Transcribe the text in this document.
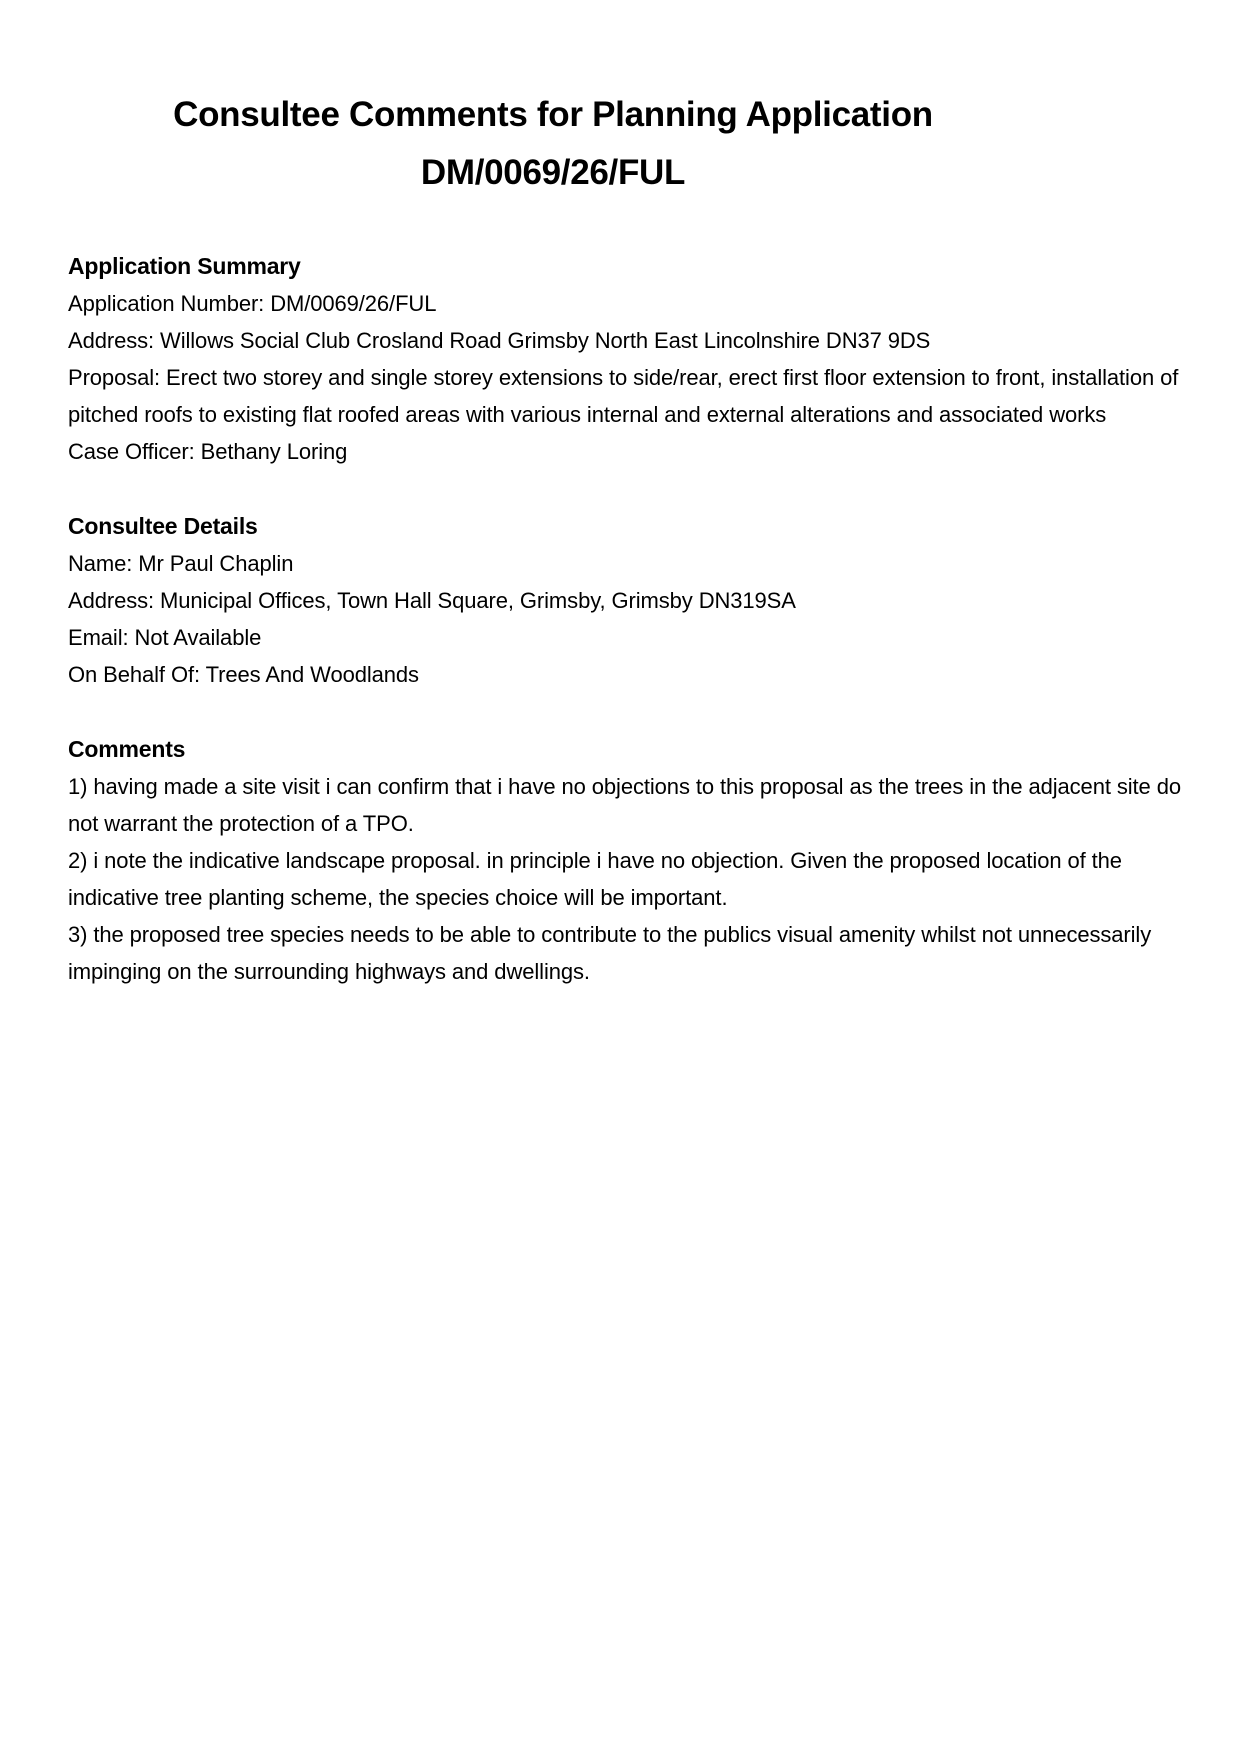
Consultee Comments for Planning Application
DM/0069/26/FUL
Application Summary

Application Number: DM/0069/26/FUL

Address: Willows Social Club Crosland Road Grimsby North East Lincolnshire DN37 9DS

Proposal: Erect two storey and single storey extensions to side/rear, erect first floor extension to front, installation of pitched roofs to existing flat roofed areas with various internal and external alterations and associated works

Case Officer: Bethany Loring

Consultee Details

Name: Mr Paul Chaplin

Address: Municipal Offices, Town Hall Square, Grimsby, Grimsby DN319SA

Email: Not Available

On Behalf Of: Trees And Woodlands

Comments

1) having made a site visit i can confirm that i have no objections to this proposal as the trees in the adjacent site do not warrant the protection of a TPO.

2) i note the indicative landscape proposal. in principle i have no objection. Given the proposed location of the indicative tree planting scheme, the species choice will be important.

3) the proposed tree species needs to be able to contribute to the publics visual amenity whilst not unnecessarily impinging on the surrounding highways and dwellings.
